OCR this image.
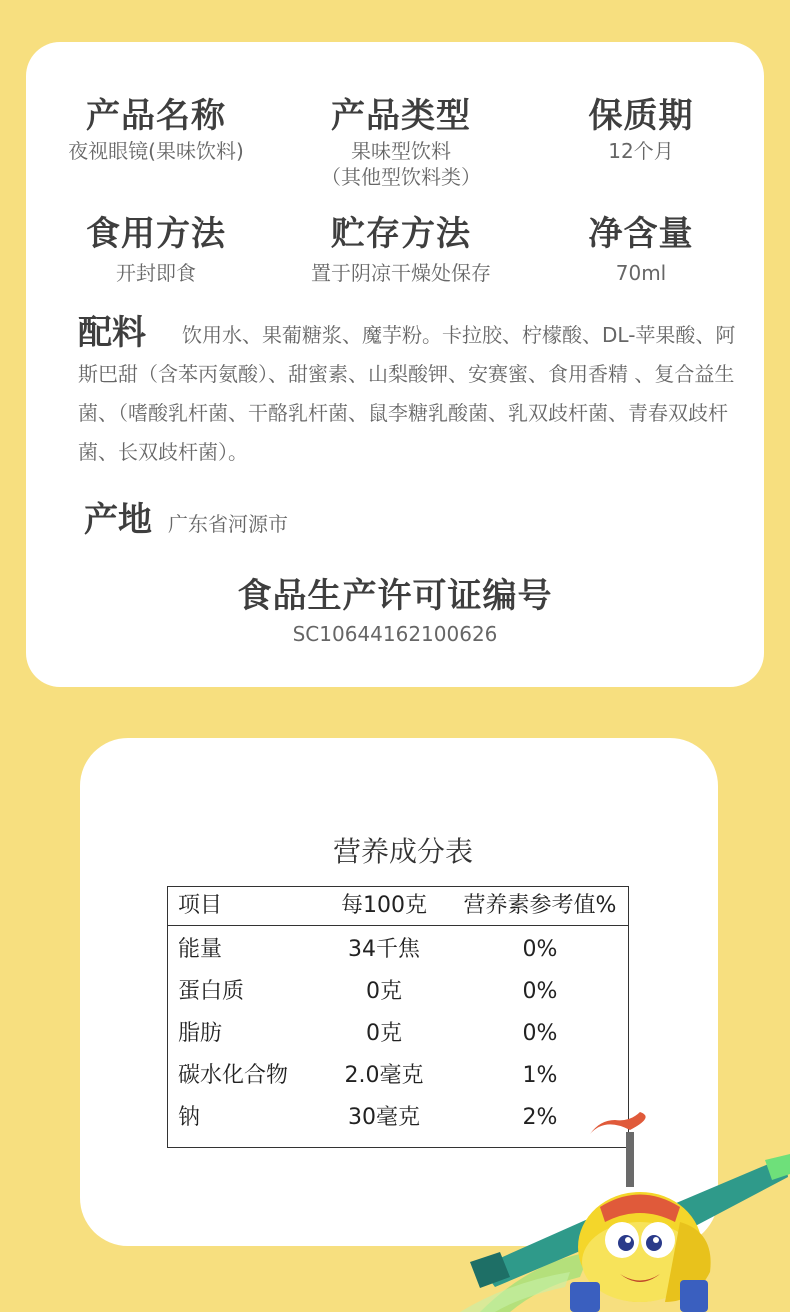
产品名称
夜视眼镜(果味饮料)
产品类型
果味型饮料
（其他型饮料类）
保质期
12个月
食用方法
开封即食
贮存方法
置于阴凉干燥处保存
净含量
70ml
配料 饮用水、果葡糖浆、魔芋粉。卡拉胶、柠檬酸、DL-苹果酸、阿斯巴甜（含苯丙氨酸）、甜蜜素、山梨酸钾、安赛蜜、食用香精 、复合益生菌、（嗜酸乳杆菌、干酪乳杆菌、鼠李糖乳酸菌、乳双歧杆菌、青春双歧杆菌、长双歧杆菌）。
产地 广东省河源市
食品生产许可证编号
SC10644162100626
营养成分表
项目	每100克	营养素参考值%
能量	34千焦	0%
蛋白质	0克	0%
脂肪	0克	0%
碳水化合物	2.0毫克	1%
钠	30毫克	2%
